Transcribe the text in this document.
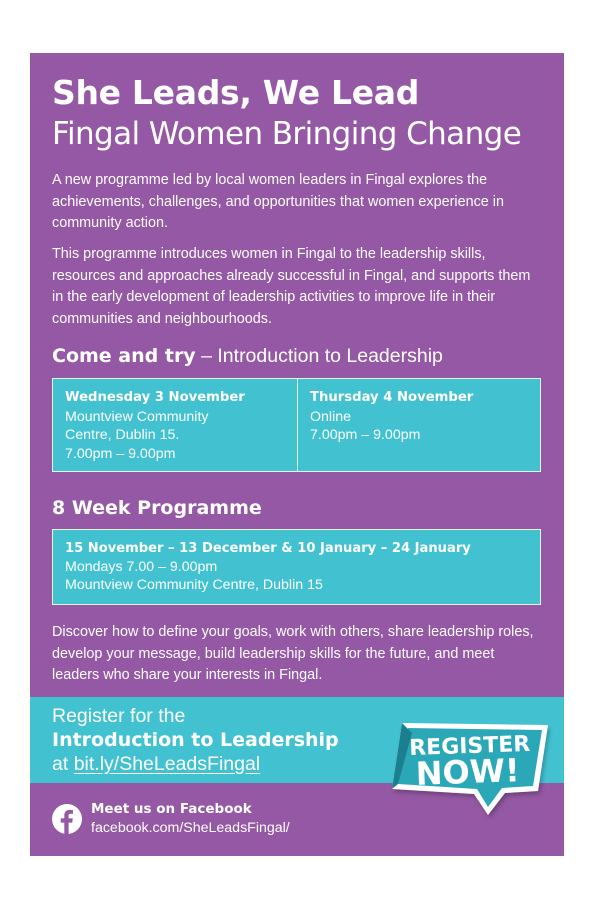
She Leads, We Lead
Fingal Women Bringing Change

A new programme led by local women leaders in Fingal explores the achievements, challenges, and opportunities that women experience in community action.

This programme introduces women in Fingal to the leadership skills, resources and approaches already successful in Fingal, and supports them in the early development of leadership activities to improve life in their communities and neighbourhoods.

Come and try – Introduction to Leadership
Wednesday 3 November
Mountview Community
Centre, Dublin 15.
7.00pm – 9.00pm
Thursday 4 November
Online
7.00pm – 9.00pm
8 Week Programme
15 November – 13 December & 10 January – 24 January
Mondays 7.00 – 9.00pm
Mountview Community Centre, Dublin 15

Discover how to define your goals, work with others, share leadership roles, develop your message, build leadership skills for the future, and meet leaders who share your interests in Fingal.

Register for the
Introduction to Leadership
at bit.ly/SheLeadsFingal
REGISTER
NOW!
Meet us on Facebook
facebook.com/SheLeadsFingal/
